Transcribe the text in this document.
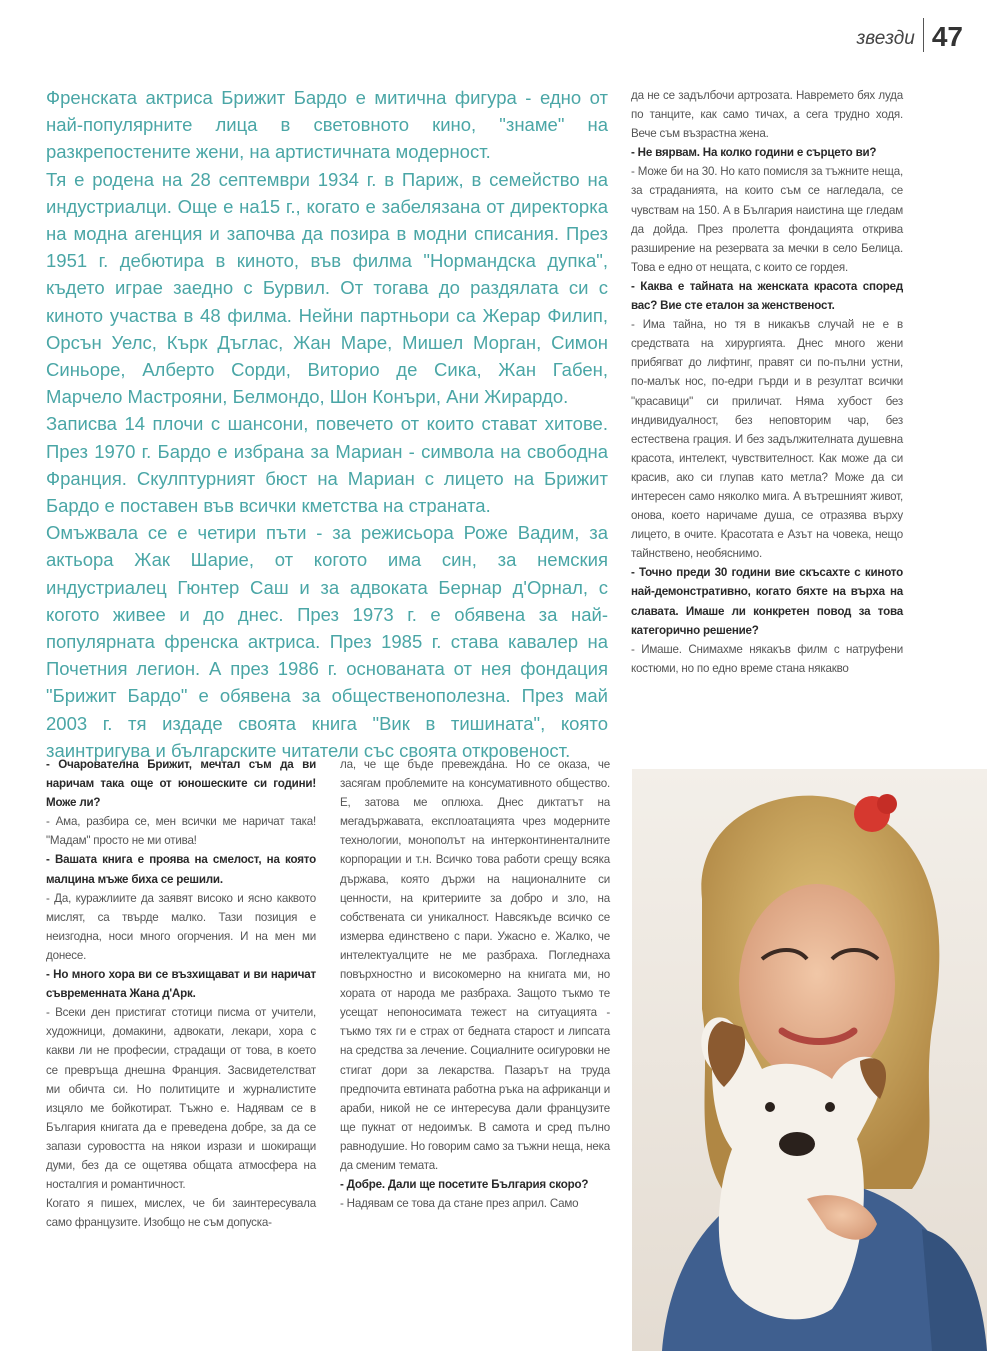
звезди 47

Френската актриса Брижит Бардо е митична фигура - едно от най-популярните лица в световното кино, "знаме" на разкрепостените жени, на артистичната модерност.

Тя е родена на 28 септември 1934 г. в Париж, в семейство на индустриалци. Още е на15 г., когато е забелязана от директорка на модна агенция и започва да позира в модни списания. През 1951 г. дебютира в киното, във филма "Нормандска дупка", където играе заедно с Бурвил. От тогава до раздялата си с киното участва в 48 филма. Нейни партньори са Жерар Филип, Орсън Уелс, Кърк Дъглас, Жан Маре, Мишел Морган, Симон Синьоре, Алберто Сорди, Виторио де Сика, Жан Габен, Марчело Мастрояни, Белмондо, Шон Конъри, Ани Жирардо.

Записва 14 плочи с шансони, повечето от които стават хитове. През 1970 г. Бардо е избрана за Мариан - символа на свободна Франция. Скулптурният бюст на Мариан с лицето на Брижит Бардо е поставен във всички кметства на страната.

Омъжвала се е четири пъти - за режисьора Роже Вадим, за актьора Жак Шарие, от когото има син, за немския индустриалец Гюнтер Саш и за адвоката Бернар д'Орнал, с когото живее и до днес. През 1973 г. е обявена за най-популярната френска актриса. През 1985 г. става кавалер на Почетния легион. А през 1986 г. основаната от нея фондация "Брижит Бардо" е обявена за общественополезна. През май 2003 г. тя издаде своята книга "Вик в тишината", която заинтригува и българските читатели със своята откровеност.

да не се задълбочи артрозата. Навремето бях луда по танците, как само тичах, а сега трудно ходя. Вече съм възрастна жена.

- Не вярвам. На колко години е сърцето ви?

- Може би на 30. Но като помисля за тъжните неща, за страданията, на които съм се нагледала, се чувствам на 150. А в България наистина ще гледам да дойда. През пролетта фондацията открива разширение на резервата за мечки в село Белица. Това е едно от нещата, с които се гордея.

- Каква е тайната на женската красота според вас? Вие сте еталон за женственост.

- Има тайна, но тя в никакъв случай не е в средствата на хирургията. Днес много жени прибягват до лифтинг, правят си по-пълни устни, по-малък нос, по-едри гърди и в резултат всички "красавици" си приличат. Няма хубост без индивидуалност, без неповторим чар, без естествена грация. И без задължителната душевна красота, интелект, чувствителност. Как може да си красив, ако си глупав като метла? Може да си интересен само няколко мига. А вътрешният живот, онова, което наричаме душа, се отразява върху лицето, в очите. Красотата е Азът на човека, нещо тайнствено, необяснимо.

- Точно преди 30 години вие скъсахте с киното най-демонстративно, когато бяхте на върха на славата. Имаше ли конкретен повод за това категорично решение?

- Имаше. Снимахме някакъв филм с натруфени костюми, но по едно време стана някакво

- Очарователна Брижит, мечтал съм да ви наричам така още от юношеските си години! Може ли?

- Ама, разбира се, мен всички ме наричат така! "Мадам" просто не ми отива!

- Вашата книга е проява на смелост, на която малцина мъже биха се решили.

- Да, куражлиите да заявят високо и ясно каквото мислят, са твърде малко. Тази позиция е неизгодна, носи много огорчения. И на мен ми донесе.

- Но много хора ви се възхищават и ви наричат съвременната Жана д'Арк.

- Всеки ден пристигат стотици писма от учители, художници, домакини, адвокати, лекари, хора с какви ли не професии, страдащи от това, в което се превръща днешна Франция. Засвидетелстват ми обичта си. Но политиците и журналистите изцяло ме бойкотират. Тъжно е. Надявам се в България книгата да е преведена добре, за да се запази суровостта на някои изрази и шокиращи думи, без да се ощетява общата атмосфера на носталгия и романтичност.

Когато я пишех, мислех, че би заинтересувала само французите. Изобщо не съм допуска-

ла, че ще бъде превеждана. Но се оказа, че засягам проблемите на консумативното общество. Е, затова ме оплюха. Днес диктатът на мегадържавата, експлоатацията чрез модерните технологии, монополът на интерконтиненталните корпорации и т.н. Всичко това работи срещу всяка държава, която държи на националните си ценности, на критериите за добро и зло, на собствената си уникалност. Навсякъде всичко се измерва единствено с пари. Ужасно е. Жалко, че интелектуалците не ме разбраха. Погледнаха повърхностно и високомерно на книгата ми, но хората от народа ме разбраха. Защото тъкмо те усещат непоносимата тежест на ситуацията - тъкмо тях ги е страх от бедната старост и липсата на средства за лечение. Социалните осигуровки не стигат дори за лекарства. Пазарът на труда предпочита евтината работна ръка на африканци и араби, никой не се интересува дали французите ще пукнат от недоимък. В самота и сред пълно равнодушие. Но говорим само за тъжни неща, нека да сменим темата.

- Добре. Дали ще посетите България скоро?

- Надявам се това да стане през април. Само
